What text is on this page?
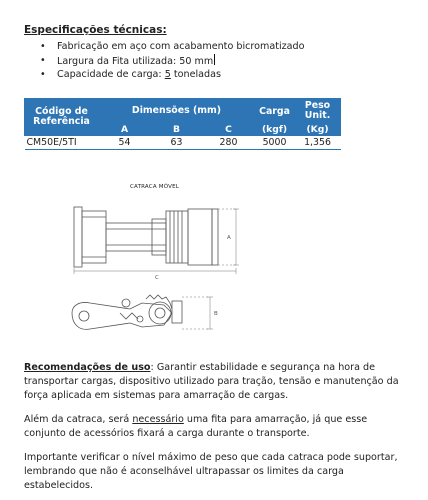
Especificações técnicas:
• Fabricação em aço com acabamento bicromatizado
• Largura da Fita utilizada: 50 mm
• Capacidade de carga: 5 toneladas
Código de Referência	Dimensões (mm)			Carga	Peso Unit.
	A	B	C	(kgf)	(Kg)
CM50E/5TI	54	63	280	5000	1,356
CATRACA MÓVEL
A
C
B
Recomendações de uso: Garantir estabilidade e segurança na hora de transportar cargas, dispositivo utilizado para tração, tensão e manutenção da força aplicada em sistemas para amarração de cargas.
Além da catraca, será necessário uma fita para amarração, já que esse conjunto de acessórios fixará a carga durante o transporte.
Importante verificar o nível máximo de peso que cada catraca pode suportar, lembrando que não é aconselhável ultrapassar os limites da carga estabelecidos.
